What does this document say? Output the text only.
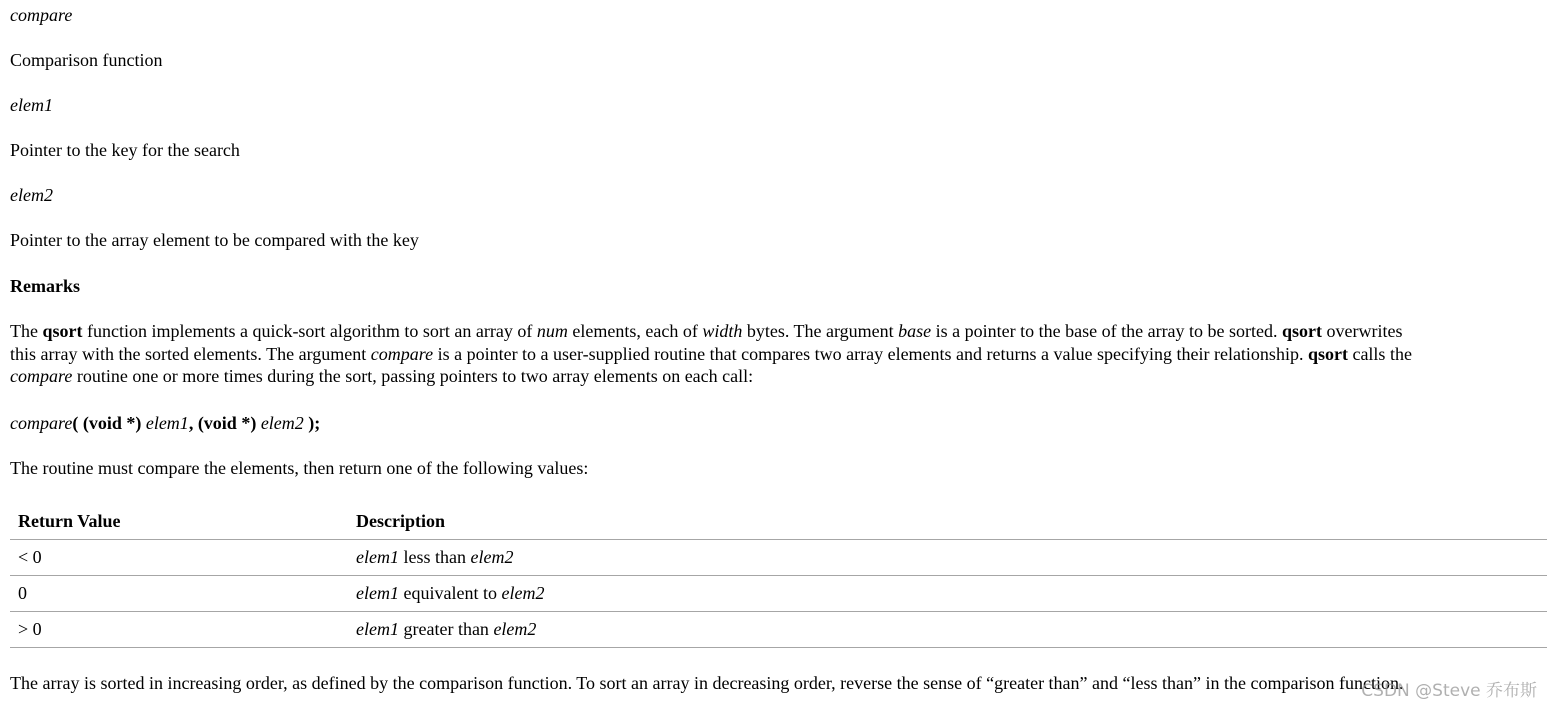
compare
Comparison function
elem1
Pointer to the key for the search
elem2
Pointer to the array element to be compared with the key
Remarks

The qsort function implements a quick-sort algorithm to sort an array of num elements, each of width bytes. The argument base is a pointer to the base of the array to be sorted. qsort overwrites

this array with the sorted elements. The argument compare is a pointer to a user-supplied routine that compares two array elements and returns a value specifying their relationship. qsort calls the

compare routine one or more times during the sort, passing pointers to two array elements on each call:

compare( (void *) elem1, (void *) elem2 );
The routine must compare the elements, then return one of the following values:
Return Value	Description
< 0	elem1 less than elem2
0	elem1 equivalent to elem2
> 0	elem1 greater than elem2
The array is sorted in increasing order, as defined by the comparison function. To sort an array in decreasing order, reverse the sense of “greater than” and “less than” in the comparison function.
CSDN @Steve 乔布斯
